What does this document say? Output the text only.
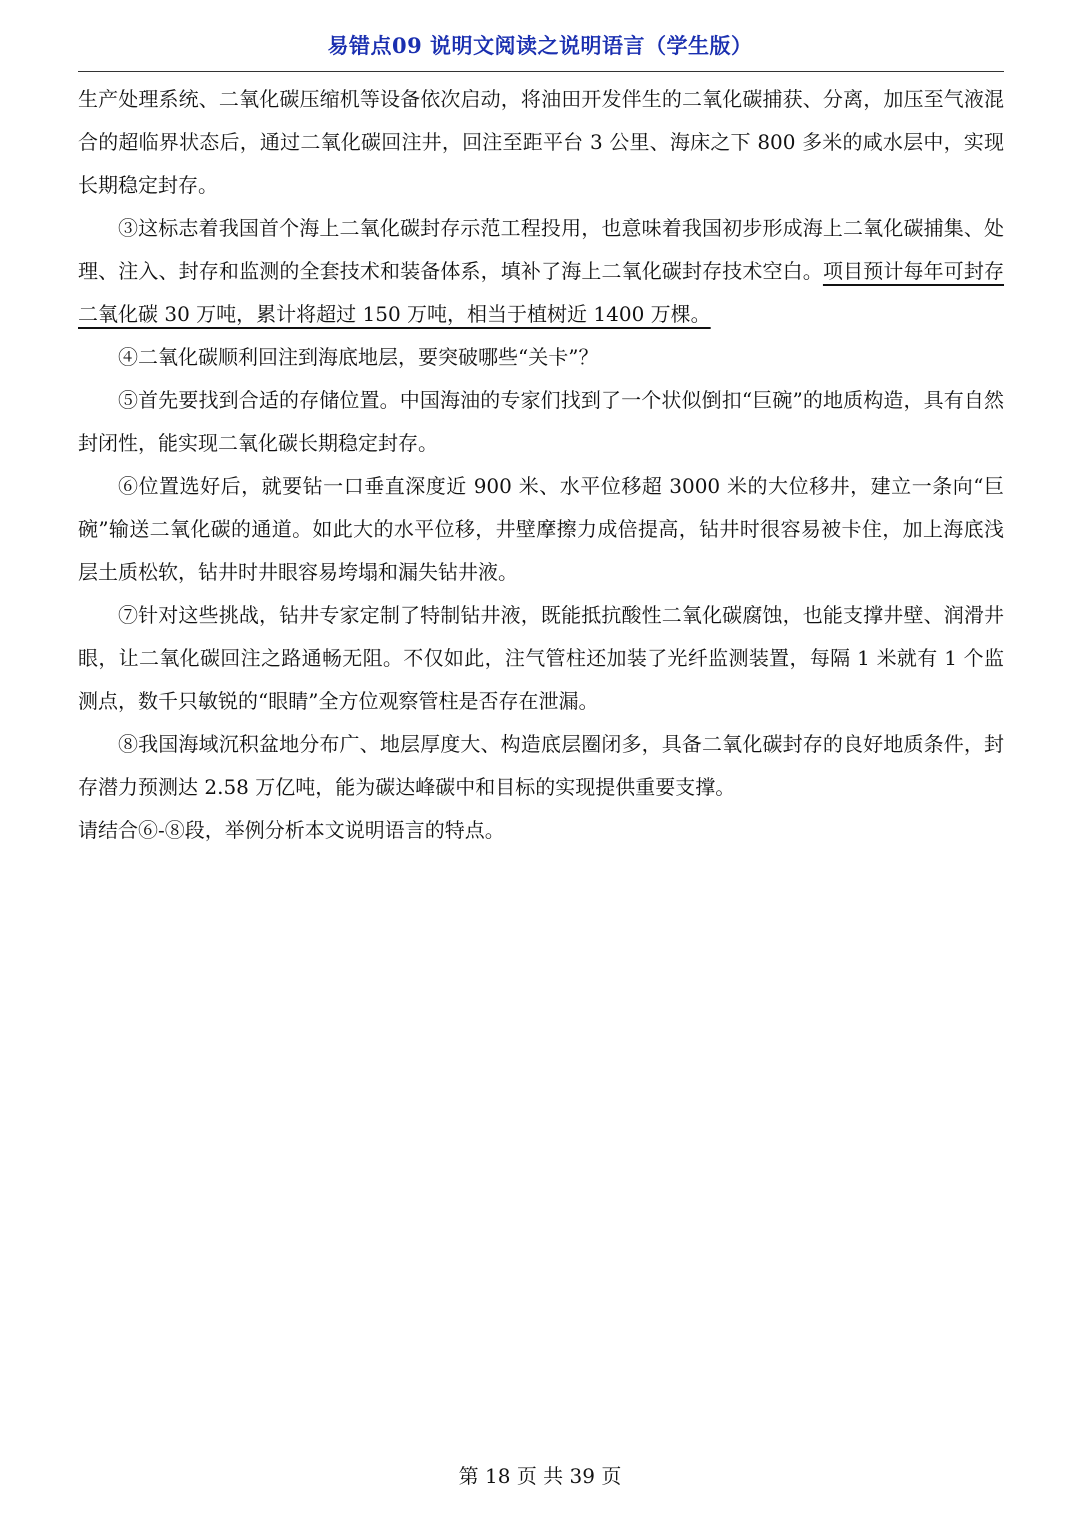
易错点09 说明文阅读之说明语言（学生版）

生产处理系统、二氧化碳压缩机等设备依次启动，将油田开发伴生的二氧化碳捕获、分离，加压至气液混合的超临界状态后，通过二氧化碳回注井，回注至距平台 3 公里、海床之下 800 多米的咸水层中，实现长期稳定封存。

③这标志着我国首个海上二氧化碳封存示范工程投用，也意味着我国初步形成海上二氧化碳捕集、处理、注入、封存和监测的全套技术和装备体系，填补了海上二氧化碳封存技术空白。项目预计每年可封存二氧化碳 30 万吨，累计将超过 150 万吨，相当于植树近 1400 万棵。

④二氧化碳顺利回注到海底地层，要突破哪些“关卡”？

⑤首先要找到合适的存储位置。中国海油的专家们找到了一个状似倒扣“巨碗”的地质构造，具有自然封闭性，能实现二氧化碳长期稳定封存。

⑥位置选好后，就要钻一口垂直深度近 900 米、水平位移超 3000 米的大位移井，建立一条向“巨碗”输送二氧化碳的通道。如此大的水平位移，井壁摩擦力成倍提高，钻井时很容易被卡住，加上海底浅层土质松软，钻井时井眼容易垮塌和漏失钻井液。

⑦针对这些挑战，钻井专家定制了特制钻井液，既能抵抗酸性二氧化碳腐蚀，也能支撑井壁、润滑井眼，让二氧化碳回注之路通畅无阻。不仅如此，注气管柱还加装了光纤监测装置，每隔 1 米就有 1 个监测点，数千只敏锐的“眼睛”全方位观察管柱是否存在泄漏。

⑧我国海域沉积盆地分布广、地层厚度大、构造底层圈闭多，具备二氧化碳封存的良好地质条件，封存潜力预测达 2.58 万亿吨，能为碳达峰碳中和目标的实现提供重要支撑。

请结合⑥-⑧段，举例分析本文说明语言的特点。

第 18 页 共 39 页
